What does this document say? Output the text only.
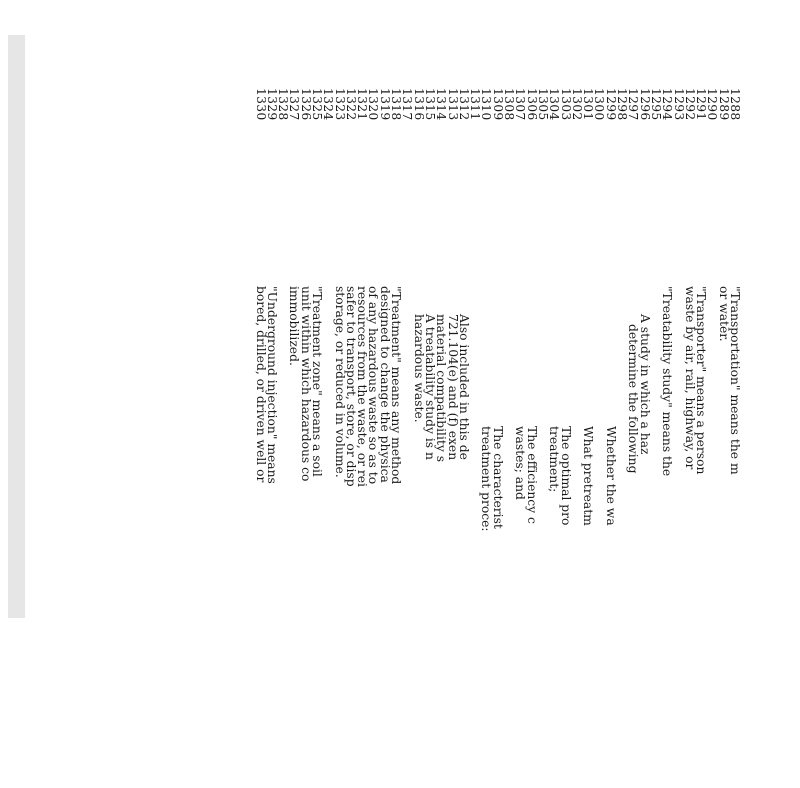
1288
"Transportation" means the m
1289
or water.
1290
1291
"Transporter" means a person
1292
waste by air, rail, highway, or
1293
1294
"Treatability study" means the
1295
1296
A study in which a haz
1297
determine the following
1298
1299
Whether the wa
1300
1301
What pretreatm
1302
1303
The optimal pro
1304
treatment;
1305
1306
The efficiency c
1307
wastes; and
1308
1309
The characterist
1310
treatment proce:
1311
1312
Also included in this de
1313
721.104(e) and (f) exen
1314
material compatibility s
1315
A treatability study is n
1316
hazardous waste.
1317
1318
"Treatment" means any method
1319
designed to change the physica
1320
of any hazardous waste so as to
1321
resources from the waste, or rei
1322
safer to transport, store, or disp
1323
storage, or reduced in volume.
1324
1325
"Treatment zone" means a soil
1326
unit within which hazardous co
1327
immobilized.
1328
1329
"Underground injection" means
1330
bored, drilled, or driven well or
